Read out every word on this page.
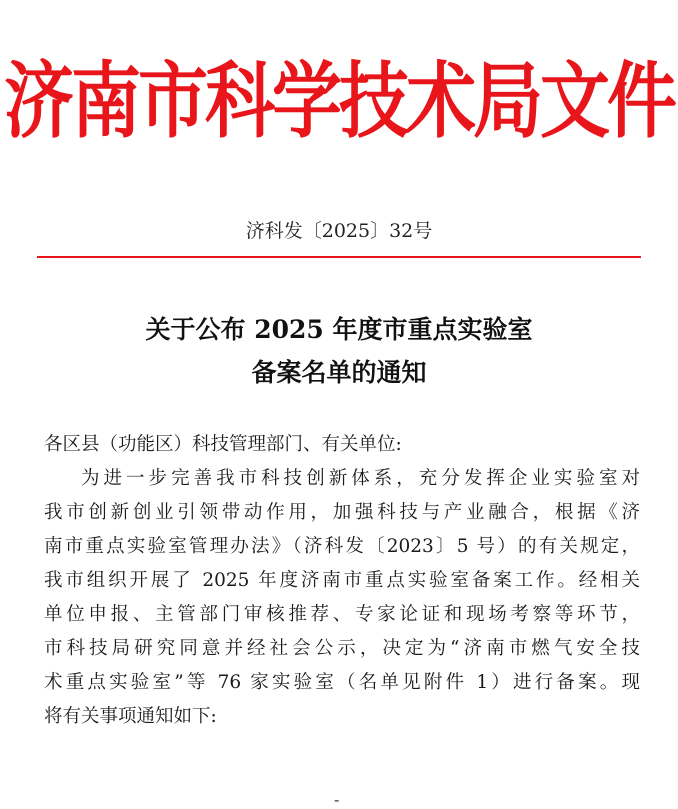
济南市科学技术局文件
济科发〔2025〕32号
关于公布 2025 年度市重点实验室
备案名单的通知
各区县（功能区）科技管理部门、有关单位:
为进一步完善我市科技创新体系，充分发挥企业实验室对
我市创新创业引领带动作用，加强科技与产业融合，根据《济
南市重点实验室管理办法》（济科发〔2023〕5 号）的有关规定，
我市组织开展了 2025 年度济南市重点实验室备案工作。经相关
单位申报、主管部门审核推荐、专家论证和现场考察等环节，
市科技局研究同意并经社会公示，决定为“济南市燃气安全技
术重点实验室”等 76 家实验室（名单见附件 1）进行备案。现
将有关事项通知如下:
-
